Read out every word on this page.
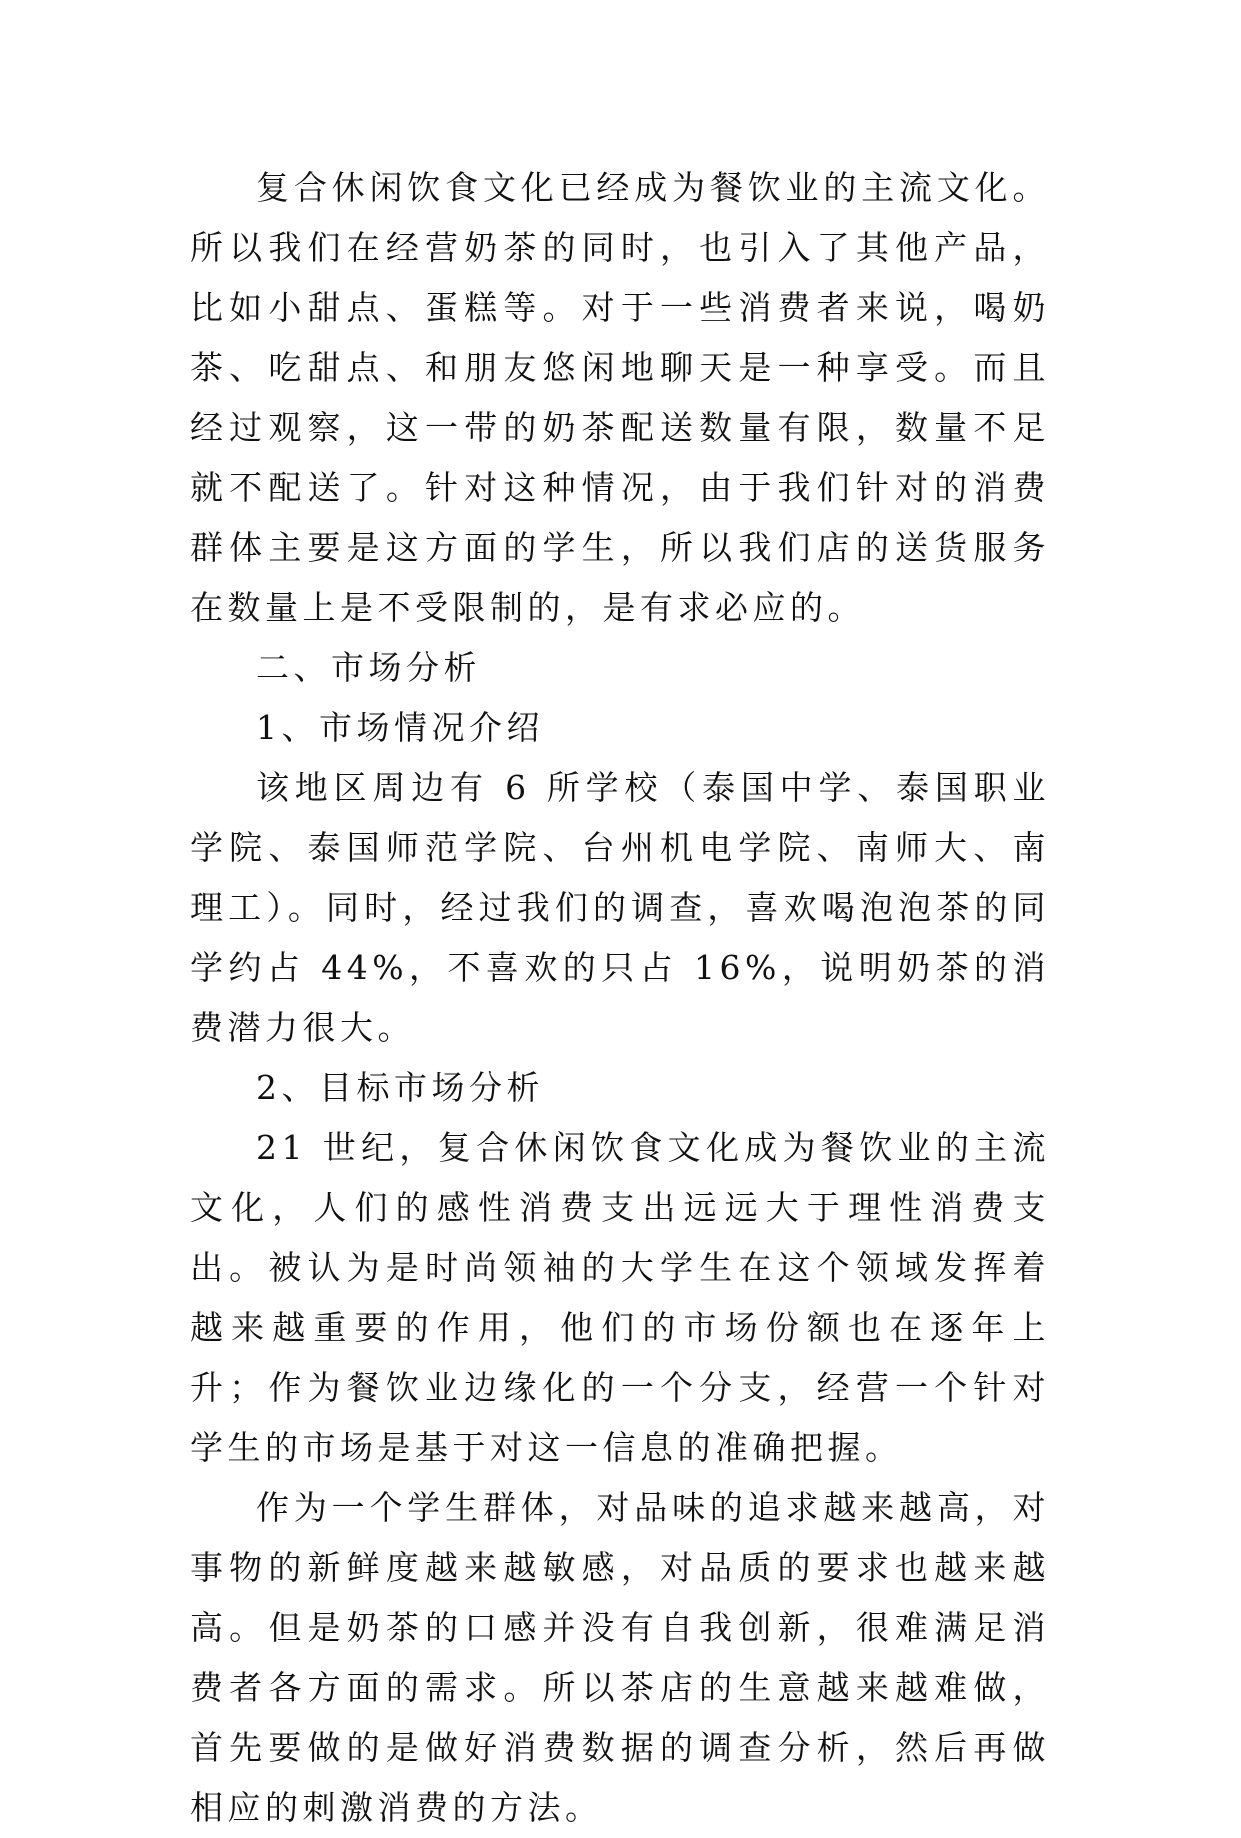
复合休闲饮食文化已经成为餐饮业的主流文化。所以我们在经营奶茶的同时，也引入了其他产品，比如小甜点、蛋糕等。对于一些消费者来说，喝奶茶、吃甜点、和朋友悠闲地聊天是一种享受。而且经过观察，这一带的奶茶配送数量有限，数量不足就不配送了。针对这种情况，由于我们针对的消费群体主要是这方面的学生，所以我们店的送货服务在数量上是不受限制的，是有求必应的。

二、市场分析

1、市场情况介绍

该地区周边有 6 所学校（泰国中学、泰国职业学院、泰国师范学院、台州机电学院、南师大、南理工）。同时，经过我们的调查，喜欢喝泡泡茶的同学约占 44%，不喜欢的只占 16%，说明奶茶的消费潜力很大。

2、目标市场分析

21 世纪，复合休闲饮食文化成为餐饮业的主流文化，人们的感性消费支出远远大于理性消费支出。被认为是时尚领袖的大学生在这个领域发挥着越来越重要的作用，他们的市场份额也在逐年上升；作为餐饮业边缘化的一个分支，经营一个针对学生的市场是基于对这一信息的准确把握。

作为一个学生群体，对品味的追求越来越高，对事物的新鲜度越来越敏感，对品质的要求也越来越高。但是奶茶的口感并没有自我创新，很难满足消费者各方面的需求。所以茶店的生意越来越难做，首先要做的是做好消费数据的调查分析，然后再做相应的刺激消费的方法。
